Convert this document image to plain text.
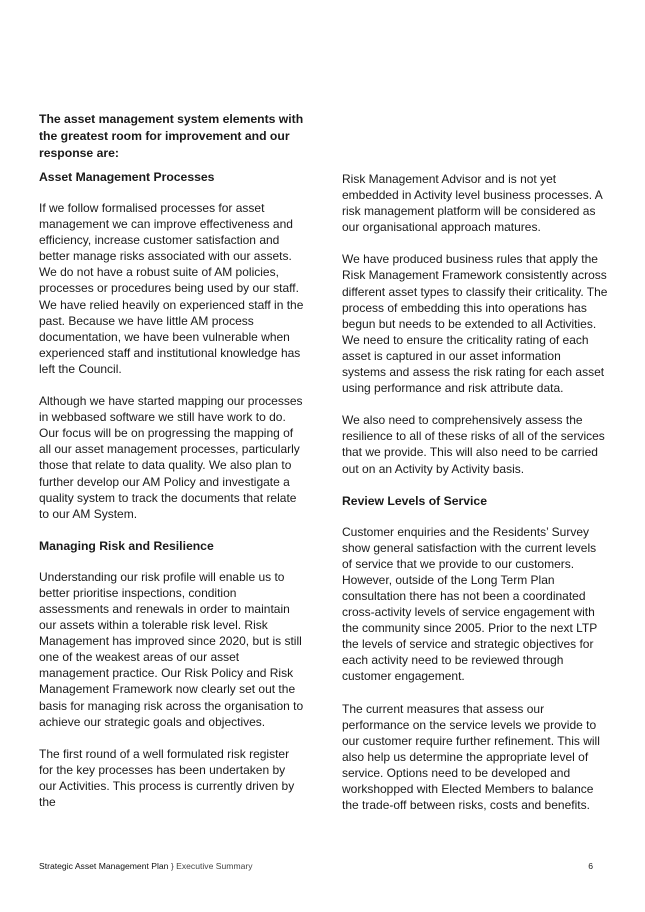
The asset management system elements with the greatest room for improvement and our response are:

Asset Management Processes

If we follow formalised processes for asset management we can improve effectiveness and efficiency, increase customer satisfaction and better manage risks associated with our assets. We do not have a robust suite of AM policies, processes or procedures being used by our staff. We have relied heavily on experienced staff in the past. Because we have little AM process documentation, we have been vulnerable when experienced staff and institutional knowledge has left the Council.

Although we have started mapping our processes in webbased software we still have work to do. Our focus will be on progressing the mapping of all our asset management processes, particularly those that relate to data quality. We also plan to further develop our AM Policy and investigate a quality system to track the documents that relate to our AM System.

Managing Risk and Resilience

Understanding our risk profile will enable us to better prioritise inspections, condition assessments and renewals in order to maintain our assets within a tolerable risk level. Risk Management has improved since 2020, but is still one of the weakest areas of our asset management practice. Our Risk Policy and Risk Management Framework now clearly set out the basis for managing risk across the organisation to achieve our strategic goals and objectives.

The first round of a well formulated risk register for the key processes has been undertaken by our Activities. This process is currently driven by the

Risk Management Advisor and is not yet embedded in Activity level business processes. A risk management platform will be considered as our organisational approach matures.

We have produced business rules that apply the Risk Management Framework consistently across different asset types to classify their criticality. The process of embedding this into operations has begun but needs to be extended to all Activities. We need to ensure the criticality rating of each asset is captured in our asset information systems and assess the risk rating for each asset using performance and risk attribute data.

We also need to comprehensively assess the resilience to all of these risks of all of the services that we provide. This will also need to be carried out on an Activity by Activity basis.

Review Levels of Service

Customer enquiries and the Residents’ Survey show general satisfaction with the current levels of service that we provide to our customers. However, outside of the Long Term Plan consultation there has not been a coordinated cross-activity levels of service engagement with the community since 2005. Prior to the next LTP the levels of service and strategic objectives for each activity need to be reviewed through customer engagement.

The current measures that assess our performance on the service levels we provide to our customer require further refinement. This will also help us determine the appropriate level of service. Options need to be developed and workshopped with Elected Members to balance the trade-off between risks, costs and benefits.

Strategic Asset Management Plan } Executive Summary	6
